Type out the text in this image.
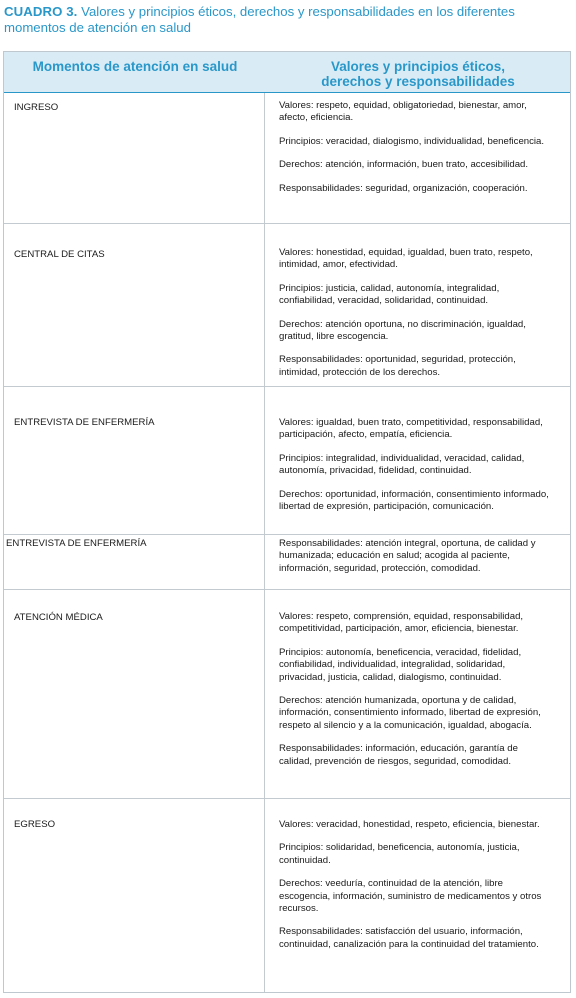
CUADRO 3. Valores y principios éticos, derechos y responsabilidades en los diferentes momentos de atención en salud
Momentos de atención en salud	Valores y principios éticos,
derechos y responsabilidades
INGRESO	Valores: respeto, equidad, obligatoriedad, bienestar, amor, afecto, eficiencia.
Principios: veracidad, dialogismo, individualidad, beneficencia.
Derechos: atención, información, buen trato, accesibilidad.
Responsabilidades: seguridad, organización, cooperación.
CENTRAL DE CITAS	Valores: honestidad, equidad, igualdad, buen trato, respeto, intimidad, amor, efectividad.
Principios: justicia, calidad, autonomía, integralidad, confiabilidad, veracidad, solidaridad, continuidad.
Derechos: atención oportuna, no discriminación, igualdad, gratitud, libre escogencia.
Responsabilidades: oportunidad, seguridad, protección, intimidad, protección de los derechos.
ENTREVISTA DE ENFERMERÍA	Valores: igualdad, buen trato, competitividad, responsabilidad, participación, afecto, empatía, eficiencia.
Principios: integralidad, individualidad, veracidad, calidad, autonomía, privacidad, fidelidad, continuidad.
Derechos: oportunidad, información, consentimiento informado, libertad de expresión, participación, comunicación.
ENTREVISTA DE ENFERMERÍA	Responsabilidades: atención integral, oportuna, de calidad y humanizada; educación en salud; acogida al paciente, información, seguridad, protección, comodidad.
ATENCIÓN MÉDICA	Valores: respeto, comprensión, equidad, responsabilidad, competitividad, participación, amor, eficiencia, bienestar.
Principios: autonomía, beneficencia, veracidad, fidelidad, confiabilidad, individualidad, integralidad, solidaridad, privacidad, justicia, calidad, dialogismo, continuidad.
Derechos: atención humanizada, oportuna y de calidad, información, consentimiento informado, libertad de expresión, respeto al silencio y a la comunicación, igualdad, abogacía.
Responsabilidades: información, educación, garantía de calidad, prevención de riesgos, seguridad, comodidad.
EGRESO	Valores: veracidad, honestidad, respeto, eficiencia, bienestar.
Principios: solidaridad, beneficencia, autonomía, justicia, continuidad.
Derechos: veeduría, continuidad de la atención, libre escogencia, información, suministro de medicamentos y otros recursos.
Responsabilidades: satisfacción del usuario, información, continuidad, canalización para la continuidad del tratamiento.
